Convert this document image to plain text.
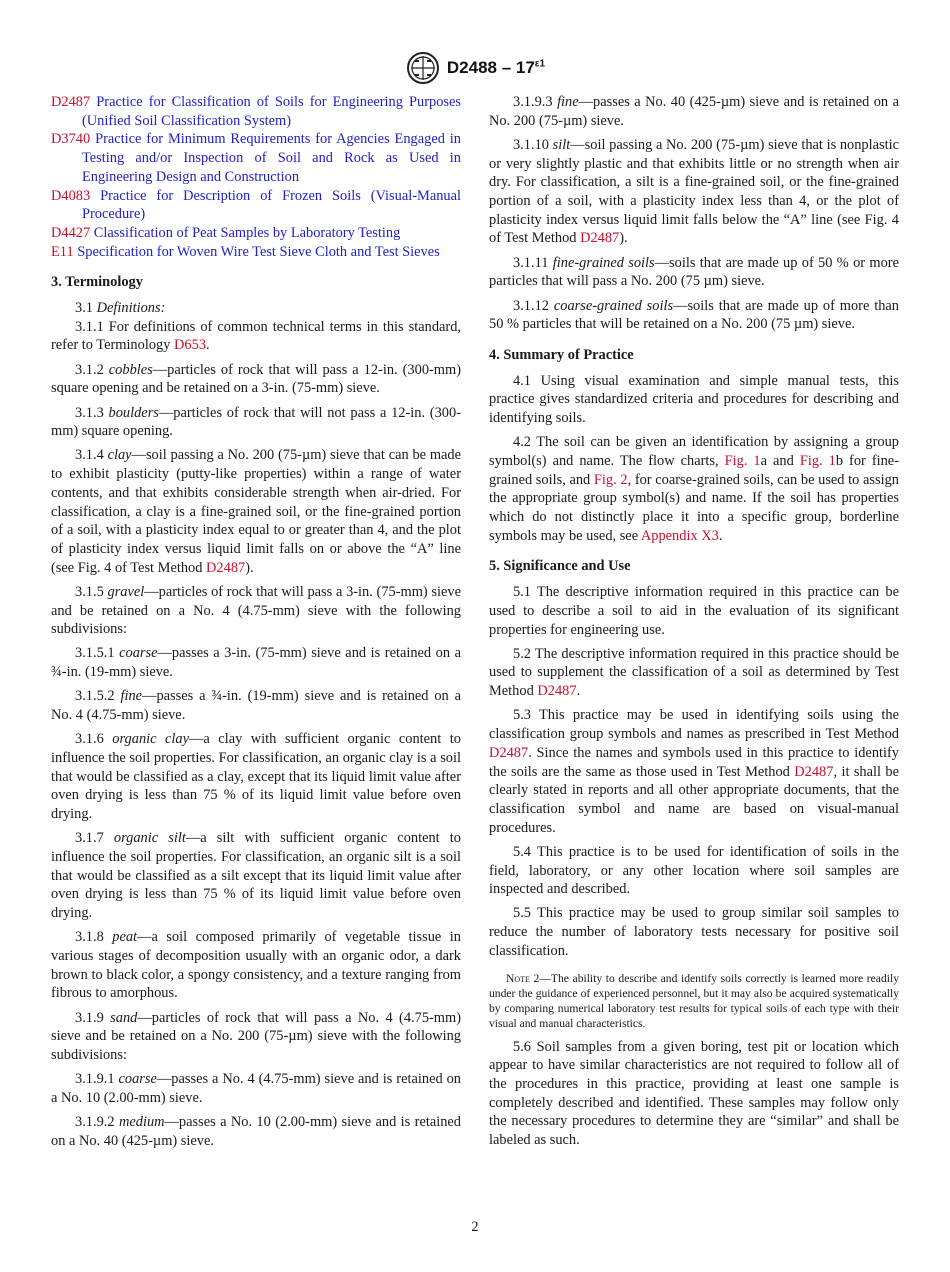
$D2488 - 17^{\varepsilon 1}$
D2487 Practice for Classification of Soils for Engineering Purposes (Unified Soil Classification System)
D3740 Practice for Minimum Requirements for Agencies Engaged in Testing and/or Inspection of Soil and Rock as Used in Engineering Design and Construction
D4083 Practice for Description of Frozen Soils (Visual-Manual Procedure)
D4427 Classification of Peat Samples by Laboratory Testing
E11 Specification for Woven Wire Test Sieve Cloth and Test Sieves
3. Terminology

3.1 Definitions:

3.1.1 For definitions of common technical terms in this standard, refer to Terminology D653.

3.1.2 cobbles—particles of rock that will pass a 12-in. (300-mm) square opening and be retained on a 3-in. (75-mm) sieve.

3.1.3 boulders—particles of rock that will not pass a 12-in. (300-mm) square opening.

3.1.4 clay—soil passing a No. 200 (75-µm) sieve that can be made to exhibit plasticity (putty-like properties) within a range of water contents, and that exhibits considerable strength when air-dried. For classification, a clay is a fine-grained soil, or the fine-grained portion of a soil, with a plasticity index equal to or greater than 4, and the plot of plasticity index versus liquid limit falls on or above the “A” line (see Fig. 4 of Test Method D2487).

3.1.5 gravel—particles of rock that will pass a 3-in. (75-mm) sieve and be retained on a No. 4 (4.75-mm) sieve with the following subdivisions:

3.1.5.1 coarse—passes a 3-in. (75-mm) sieve and is retained on a ¾-in. (19-mm) sieve.

3.1.5.2 fine—passes a ¾-in. (19-mm) sieve and is retained on a No. 4 (4.75-mm) sieve.

3.1.6 organic clay—a clay with sufficient organic content to influence the soil properties. For classification, an organic clay is a soil that would be classified as a clay, except that its liquid limit value after oven drying is less than 75 % of its liquid limit value before oven drying.

3.1.7 organic silt—a silt with sufficient organic content to influence the soil properties. For classification, an organic silt is a soil that would be classified as a silt except that its liquid limit value after oven drying is less than 75 % of its liquid limit value before oven drying.

3.1.8 peat—a soil composed primarily of vegetable tissue in various stages of decomposition usually with an organic odor, a dark brown to black color, a spongy consistency, and a texture ranging from fibrous to amorphous.

3.1.9 sand—particles of rock that will pass a No. 4 (4.75-mm) sieve and be retained on a No. 200 (75-µm) sieve with the following subdivisions:

3.1.9.1 coarse—passes a No. 4 (4.75-mm) sieve and is retained on a No. 10 (2.00-mm) sieve.

3.1.9.2 medium—passes a No. 10 (2.00-mm) sieve and is retained on a No. 40 (425-µm) sieve.

3.1.9.3 fine—passes a No. 40 (425-µm) sieve and is retained on a No. 200 (75-µm) sieve.

3.1.10 silt—soil passing a No. 200 (75-µm) sieve that is nonplastic or very slightly plastic and that exhibits little or no strength when air dry. For classification, a silt is a fine-grained soil, or the fine-grained portion of a soil, with a plasticity index less than 4, or the plot of plasticity index versus liquid limit falls below the “A” line (see Fig. 4 of Test Method D2487).

3.1.11 fine-grained soils—soils that are made up of 50 % or more particles that will pass a No. 200 (75 µm) sieve.

3.1.12 coarse-grained soils—soils that are made up of more than 50 % particles that will be retained on a No. 200 (75 µm) sieve.

4. Summary of Practice

4.1 Using visual examination and simple manual tests, this practice gives standardized criteria and procedures for describing and identifying soils.

4.2 The soil can be given an identification by assigning a group symbol(s) and name. The flow charts, Fig. 1a and Fig. 1b for fine-grained soils, and Fig. 2, for coarse-grained soils, can be used to assign the appropriate group symbol(s) and name. If the soil has properties which do not distinctly place it into a specific group, borderline symbols may be used, see Appendix X3.

5. Significance and Use

5.1 The descriptive information required in this practice can be used to describe a soil to aid in the evaluation of its significant properties for engineering use.

5.2 The descriptive information required in this practice should be used to supplement the classification of a soil as determined by Test Method D2487.

5.3 This practice may be used in identifying soils using the classification group symbols and names as prescribed in Test Method D2487. Since the names and symbols used in this practice to identify the soils are the same as those used in Test Method D2487, it shall be clearly stated in reports and all other appropriate documents, that the classification symbol and name are based on visual-manual procedures.

5.4 This practice is to be used for identification of soils in the field, laboratory, or any other location where soil samples are inspected and described.

5.5 This practice may be used to group similar soil samples to reduce the number of laboratory tests necessary for positive soil classification.

Note 2—The ability to describe and identify soils correctly is learned more readily under the guidance of experienced personnel, but it may also be acquired systematically by comparing numerical laboratory test results for typical soils of each type with their visual and manual characteristics.

5.6 Soil samples from a given boring, test pit or location which appear to have similar characteristics are not required to follow all of the procedures in this practice, providing at least one sample is completely described and identified. These samples may follow only the necessary procedures to determine they are “similar” and shall be labeled as such.

2
